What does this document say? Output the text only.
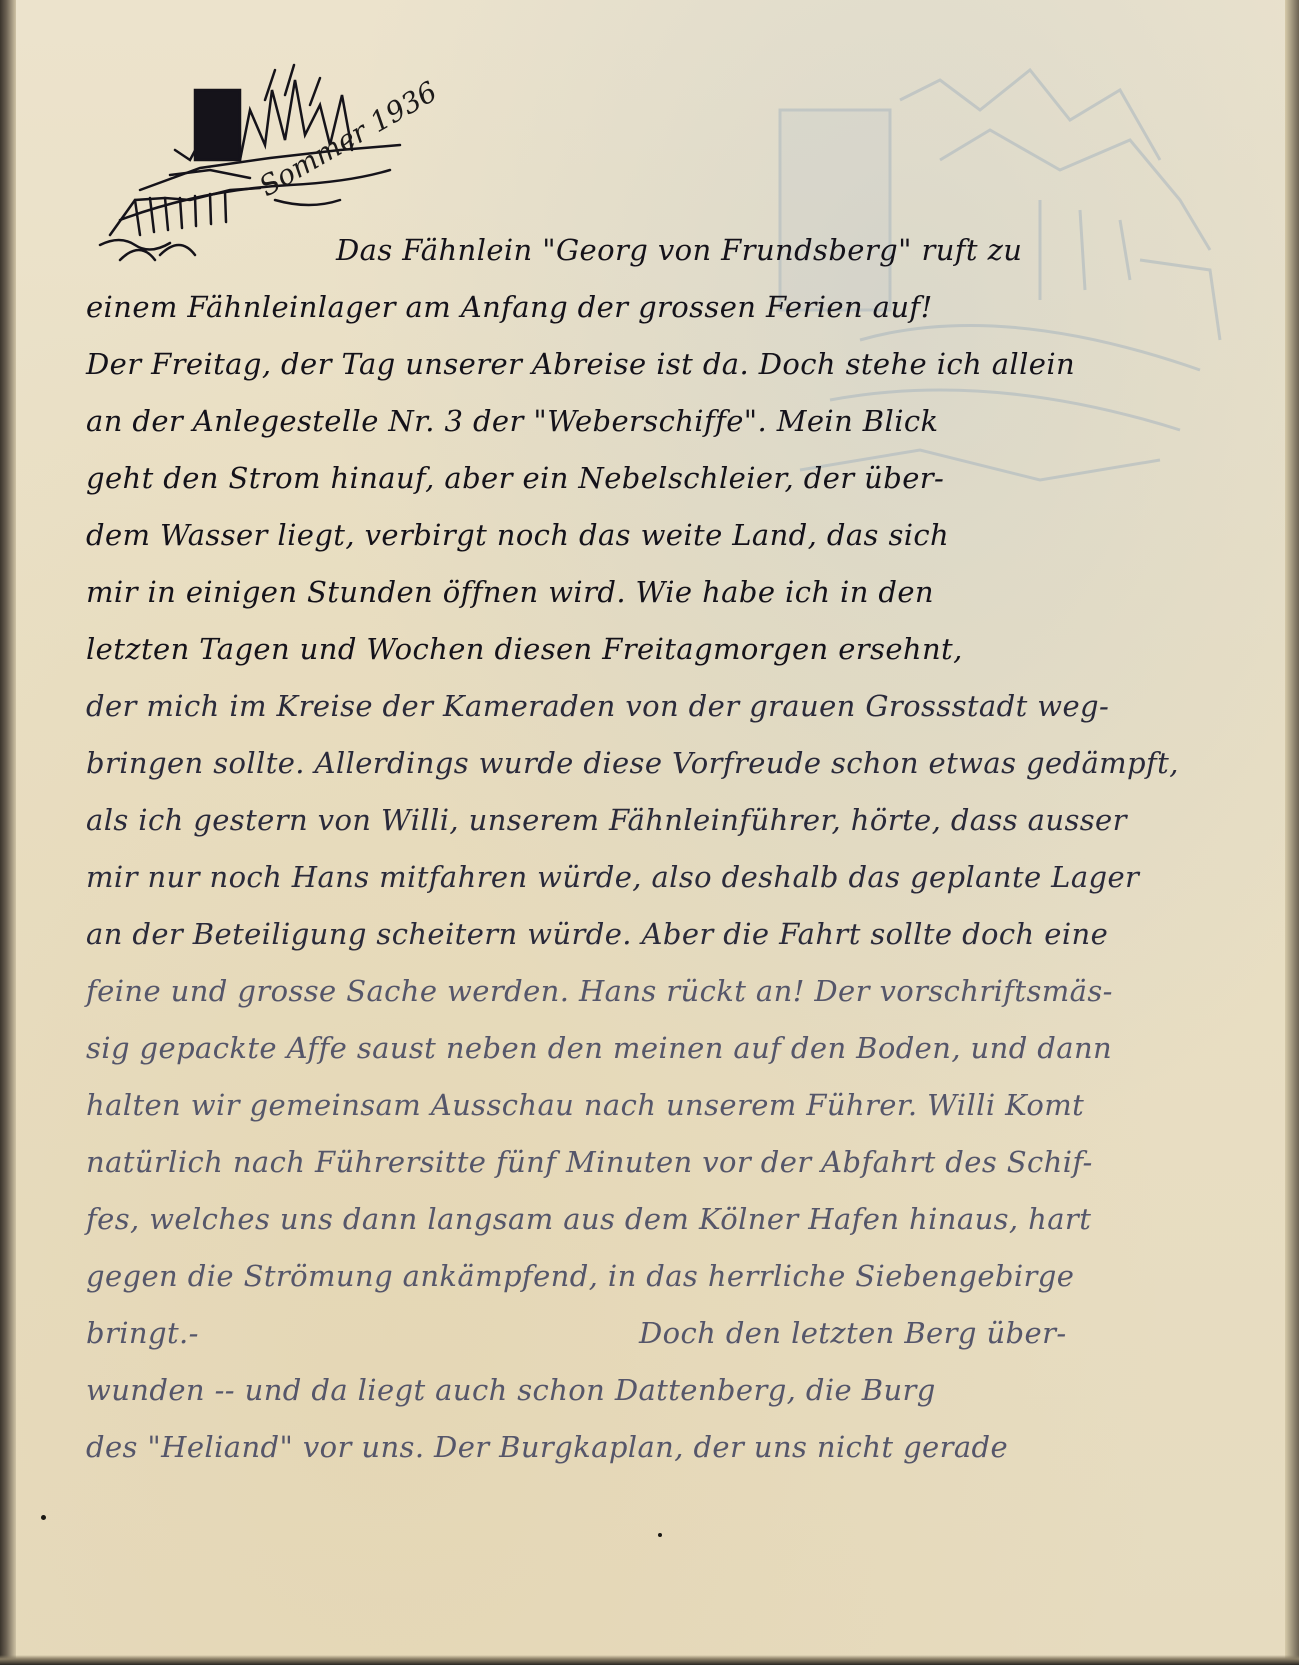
Sommer 1936
Das Fähnlein "Georg von Frundsberg" ruft zu
einem Fähnleinlager am Anfang der grossen Ferien auf!
Der Freitag, der Tag unserer Abreise ist da. Doch stehe ich allein
an der Anlegestelle Nr. 3 der "Weberschiffe". Mein Blick
geht den Strom hinauf, aber ein Nebelschleier, der über-
dem Wasser liegt, verbirgt noch das weite Land, das sich
mir in einigen Stunden öffnen wird. Wie habe ich in den
letzten Tagen und Wochen diesen Freitagmorgen ersehnt,
der mich im Kreise der Kameraden von der grauen Grossstadt weg-
bringen sollte. Allerdings wurde diese Vorfreude schon etwas gedämpft,
als ich gestern von Willi, unserem Fähnleinführer, hörte, dass ausser
mir nur noch Hans mitfahren würde, also deshalb das geplante Lager
an der Beteiligung scheitern würde. Aber die Fahrt sollte doch eine
feine und grosse Sache werden. Hans rückt an! Der vorschriftsmäs-
sig gepackte Affe saust neben den meinen auf den Boden, und dann
halten wir gemeinsam Ausschau nach unserem Führer. Willi Komt
natürlich nach Führersitte fünf Minuten vor der Abfahrt des Schif-
fes, welches uns dann langsam aus dem Kölner Hafen hinaus, hart
gegen die Strömung ankämpfend, in das herrliche Siebengebirge
bringt.-	Doch den letzten Berg über-
wunden -- und da liegt auch schon Dattenberg, die Burg
des "Heliand" vor uns. Der Burgkaplan, der uns nicht gerade
